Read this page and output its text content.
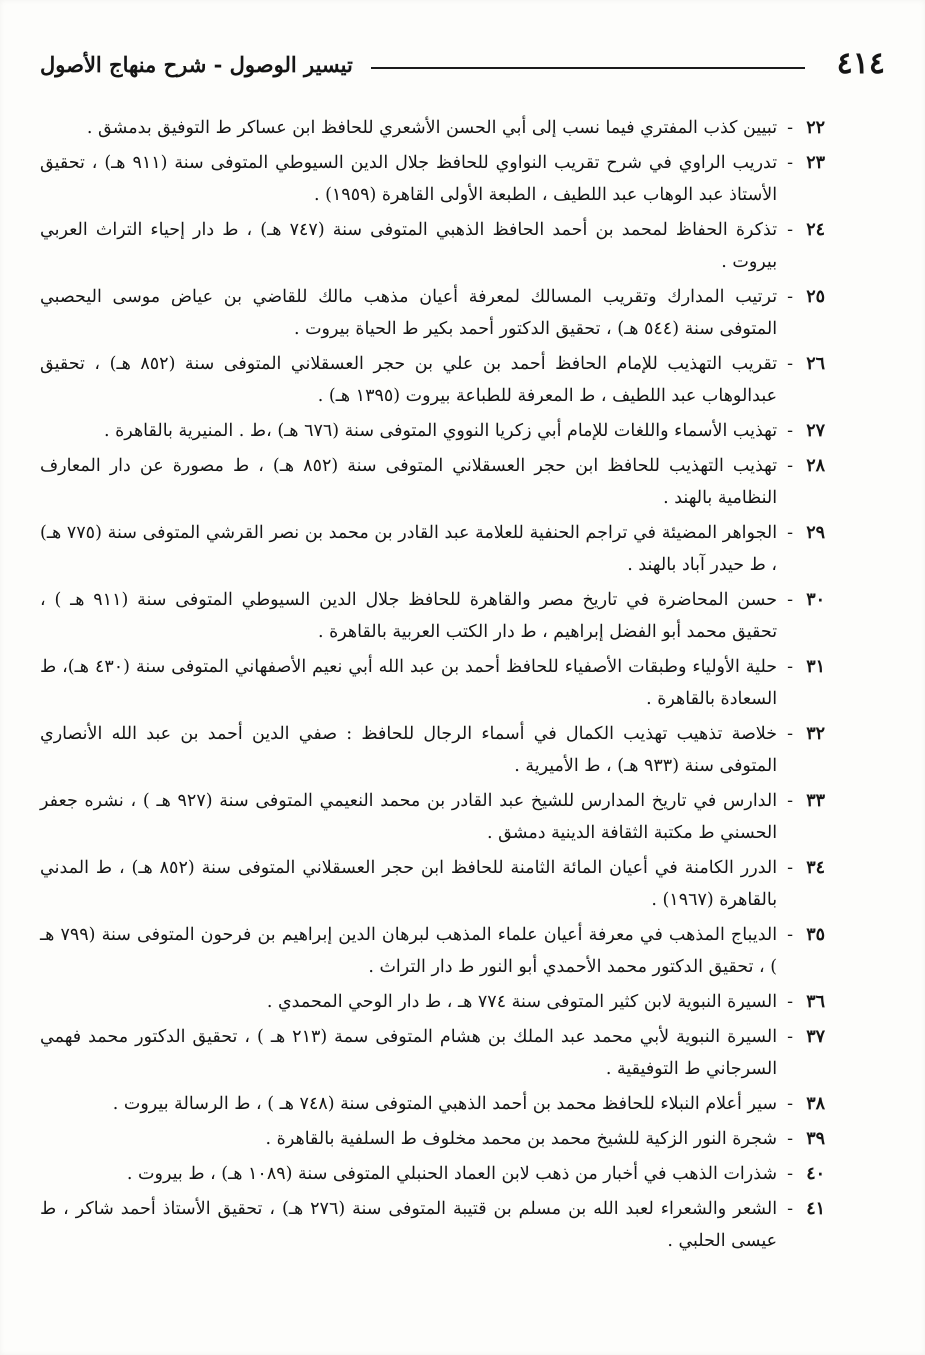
٤١٤
تيسير الوصول - شرح منهاج الأصول
٢٢
-
تبيين كذب المفتري فيما نسب إلى أبي الحسن الأشعري للحافظ ابن عساكر ط التوفيق بدمشق .
٢٣
-
تدريب الراوي في شرح تقريب النواوي للحافظ جلال الدين السيوطي المتوفى سنة (٩١١ هـ) ، تحقيق الأستاذ عبد الوهاب عبد اللطيف ، الطبعة الأولى القاهرة (١٩٥٩) .
٢٤
-
تذكرة الحفاظ لمحمد بن أحمد الحافظ الذهبي المتوفى سنة (٧٤٧ هـ) ، ط دار إحياء التراث العربي بيروت .
٢٥
-
ترتيب المدارك وتقريب المسالك لمعرفة أعيان مذهب مالك للقاضي بن عياض موسى اليحصبي المتوفى سنة (٥٤٤ هـ) ، تحقيق الدكتور أحمد بكير ط الحياة بيروت .
٢٦
-
تقريب التهذيب للإمام الحافظ أحمد بن علي بن حجر العسقلاني المتوفى سنة (٨٥٢ هـ) ، تحقيق عبدالوهاب عبد اللطيف ، ط المعرفة للطباعة بيروت (١٣٩٥ هـ) .
٢٧
-
تهذيب الأسماء واللغات للإمام أبي زكريا النووي المتوفى سنة (٦٧٦ هـ) ،ط . المنيرية بالقاهرة .
٢٨
-
تهذيب التهذيب للحافظ ابن حجر العسقلاني المتوفى سنة (٨٥٢ هـ) ، ط مصورة عن دار المعارف النظامية بالهند .
٢٩
-
الجواهر المضيئة في تراجم الحنفية للعلامة عبد القادر بن محمد بن نصر القرشي المتوفى سنة (٧٧٥ هـ) ، ط حيدر آباد بالهند .
٣٠
-
حسن المحاضرة في تاريخ مصر والقاهرة للحافظ جلال الدين السيوطي المتوفى سنة (٩١١ هـ ) ، تحقيق محمد أبو الفضل إبراهيم ، ط دار الكتب العربية بالقاهرة .
٣١
-
حلية الأولياء وطبقات الأصفياء للحافظ أحمد بن عبد الله أبي نعيم الأصفهاني المتوفى سنة (٤٣٠ هـ)، ط السعادة بالقاهرة .
٣٢
-
خلاصة تذهيب تهذيب الكمال في أسماء الرجال للحافظ : صفي الدين أحمد بن عبد الله الأنصاري المتوفى سنة (٩٣٣ هـ) ، ط الأميرية .
٣٣
-
الدارس في تاريخ المدارس للشيخ عبد القادر بن محمد النعيمي المتوفى سنة (٩٢٧ هـ ) ، نشره جعفر الحسني ط مكتبة الثقافة الدينية دمشق .
٣٤
-
الدرر الكامنة في أعيان المائة الثامنة للحافظ ابن حجر العسقلاني المتوفى سنة (٨٥٢ هـ) ، ط المدني بالقاهرة (١٩٦٧) .
٣٥
-
الديباج المذهب في معرفة أعيان علماء المذهب لبرهان الدين إبراهيم بن فرحون المتوفى سنة (٧٩٩ هـ ) ، تحقيق الدكتور محمد الأحمدي أبو النور ط دار التراث .
٣٦
-
السيرة النبوية لابن كثير المتوفى سنة ٧٧٤ هـ ، ط دار الوحي المحمدي .
٣٧
-
السيرة النبوية لأبي محمد عبد الملك بن هشام المتوفى سمة (٢١٣ هـ ) ، تحقيق الدكتور محمد فهمي السرجاني ط التوفيقية .
٣٨
-
سير أعلام النبلاء للحافظ محمد بن أحمد الذهبي المتوفى سنة (٧٤٨ هـ ) ، ط الرسالة بيروت .
٣٩
-
شجرة النور الزكية للشيخ محمد بن محمد مخلوف ط السلفية بالقاهرة .
٤٠
-
شذرات الذهب في أخبار من ذهب لابن العماد الحنبلي المتوفى سنة (١٠٨٩ هـ) ، ط بيروت .
٤١
-
الشعر والشعراء لعبد الله بن مسلم بن قتيبة المتوفى سنة (٢٧٦ هـ) ، تحقيق الأستاذ أحمد شاكر ، ط عيسى الحلبي .
